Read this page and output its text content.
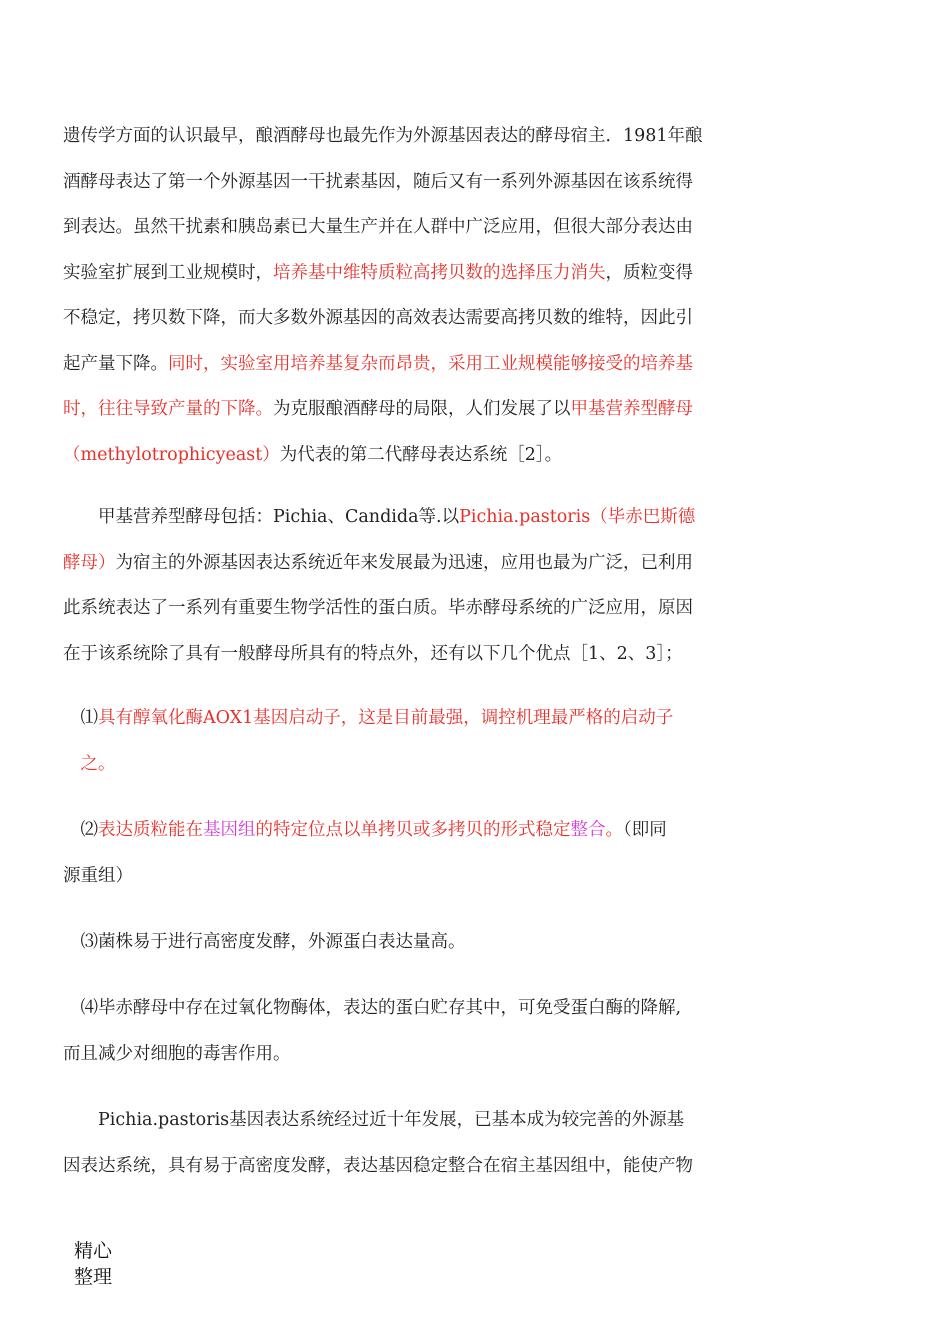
遗传学方面的认识最早，酿酒酵母也最先作为外源基因表达的酵母宿主．1981年酿
酒酵母表达了第一个外源基因一干扰素基因，随后又有一系列外源基因在该系统得
到表达。虽然干扰素和胰岛素已大量生产并在人群中广泛应用，但很大部分表达由
实验室扩展到工业规模时，培养基中维特质粒高拷贝数的选择压力消失，质粒变得
不稳定，拷贝数下降，而大多数外源基因的高效表达需要高拷贝数的维特，因此引
起产量下降。同时，实验室用培养基复杂而昂贵，采用工业规模能够接受的培养基
时，往往导致产量的下降。为克服酿酒酵母的局限，人们发展了以甲基营养型酵母
（methylotrophicyeast）为代表的第二代酵母表达系统［2］。

　　甲基营养型酵母包括：Pichia、Candida等.以Pichia.pastoris（毕赤巴斯德
酵母）为宿主的外源基因表达系统近年来发展最为迅速，应用也最为广泛，已利用
此系统表达了一系列有重要生物学活性的蛋白质。毕赤酵母系统的广泛应用，原因
在于该系统除了具有一般酵母所具有的特点外，还有以下几个优点［1、2、3］；

　⑴具有醇氧化酶AOX1基因启动子，这是目前最强，调控机理最严格的启动子
　之。

　⑵表达质粒能在基因组的特定位点以单拷贝或多拷贝的形式稳定整合。（即同
源重组）

　⑶菌株易于进行高密度发酵，外源蛋白表达量高。

　⑷毕赤酵母中存在过氧化物酶体，表达的蛋白贮存其中，可免受蛋白酶的降解,
而且减少对细胞的毒害作用。

　　Pichia.pastoris基因表达系统经过近十年发展，已基本成为较完善的外源基
因表达系统，具有易于高密度发酵，表达基因稳定整合在宿主基因组中，能使产物

精心
整理
